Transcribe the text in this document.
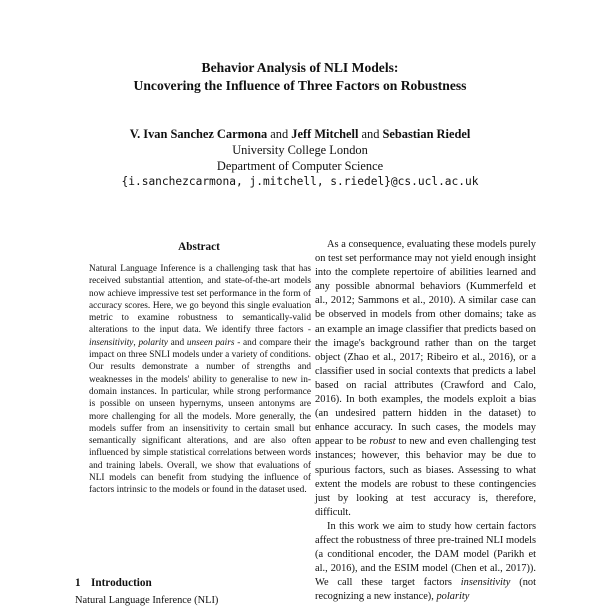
Behavior Analysis of NLI Models:
Uncovering the Influence of Three Factors on Robustness

V. Ivan Sanchez Carmona and Jeff Mitchell and Sebastian Riedel

University College London

Department of Computer Science

{i.sanchezcarmona, j.mitchell, s.riedel}@cs.ucl.ac.uk

Abstract

Natural Language Inference is a challenging task that has received substantial attention, and state-of-the-art models now achieve impressive test set performance in the form of accuracy scores. Here, we go beyond this single evaluation metric to examine robustness to semantically-valid alterations to the input data. We identify three factors - insensitivity, polarity and unseen pairs - and compare their impact on three SNLI models under a variety of conditions. Our results demonstrate a number of strengths and weaknesses in the models' ability to generalise to new in-domain instances. In particular, while strong performance is possible on unseen hypernyms, unseen antonyms are more challenging for all the models. More generally, the models suffer from an insensitivity to certain small but semantically significant alterations, and are also often influenced by simple statistical correlations between words and training labels. Overall, we show that evaluations of NLI models can benefit from studying the influence of factors intrinsic to the models or found in the dataset used.

1 Introduction

Natural Language Inference (NLI)

As a consequence, evaluating these models purely on test set performance may not yield enough insight into the complete repertoire of abilities learned and any possible abnormal behaviors (Kummerfeld et al., 2012; Sammons et al., 2010). A similar case can be observed in models from other domains; take as an example an image classifier that predicts based on the image's background rather than on the target object (Zhao et al., 2017; Ribeiro et al., 2016), or a classifier used in social contexts that predicts a label based on racial attributes (Crawford and Calo, 2016). In both examples, the models exploit a bias (an undesired pattern hidden in the dataset) to enhance accuracy. In such cases, the models may appear to be robust to new and even challenging test instances; however, this behavior may be due to spurious factors, such as biases. Assessing to what extent the models are robust to these contingencies just by looking at test accuracy is, therefore, difficult.

In this work we aim to study how certain factors affect the robustness of three pre-trained NLI models (a conditional encoder, the DAM model (Parikh et al., 2016), and the ESIM model (Chen et al., 2017)). We call these target factors insensitivity (not recognizing a new instance), polarity
